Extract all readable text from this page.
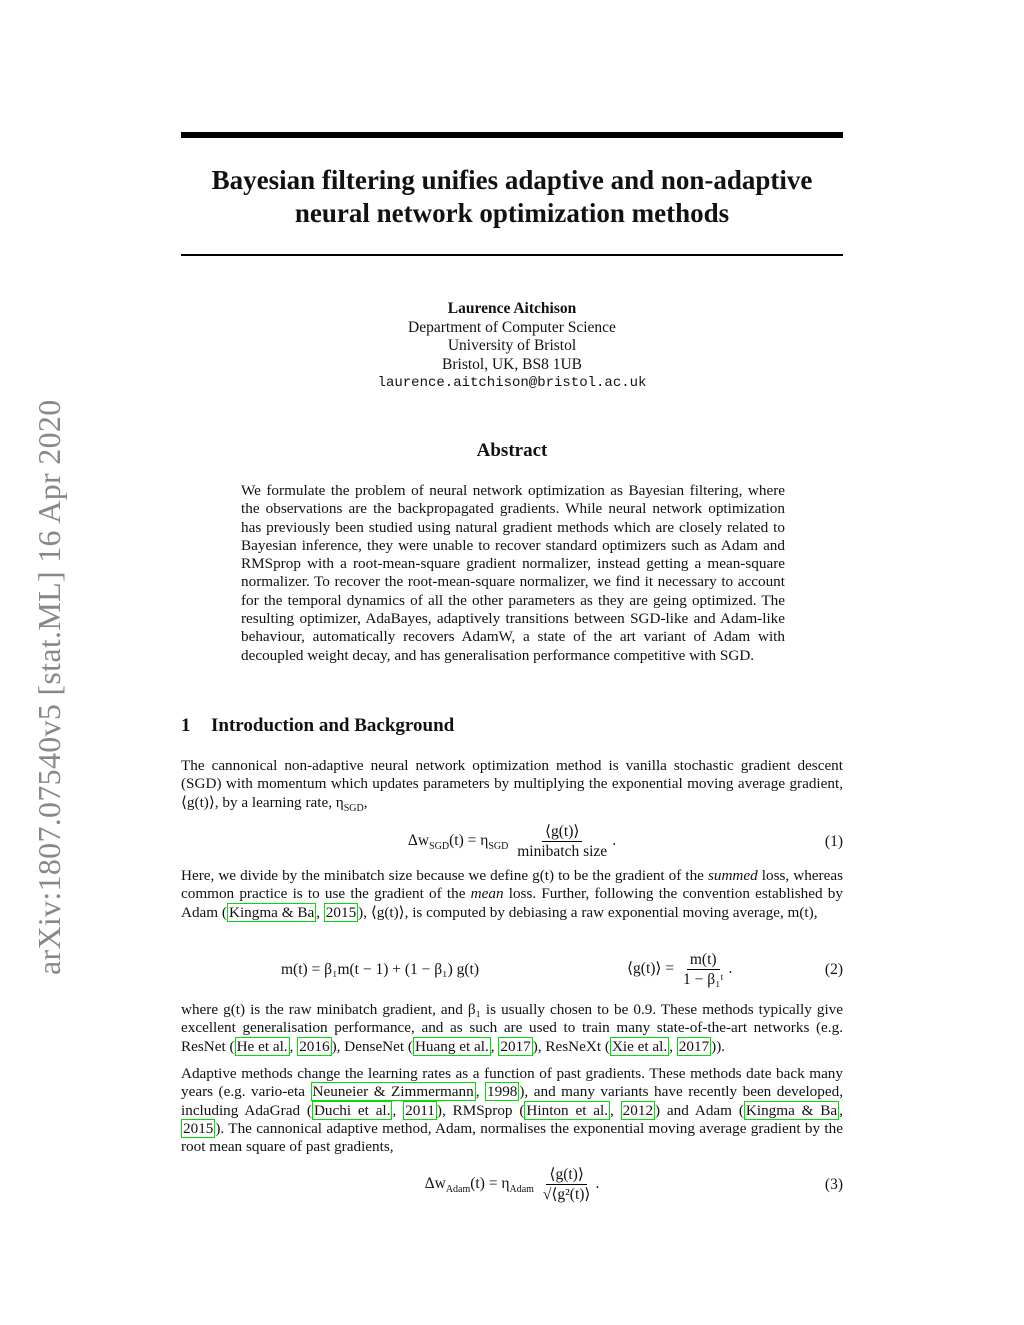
arXiv:1807.07540v5 [stat.ML] 16 Apr 2020
Bayesian filtering unifies adaptive and non-adaptive
neural network optimization methods
Laurence Aitchison
Department of Computer Science
University of Bristol
Bristol, UK, BS8 1UB
laurence.aitchison@bristol.ac.uk
Abstract
We formulate the problem of neural network optimization as Bayesian filtering, where the observations are the backpropagated gradients. While neural network optimization has previously been studied using natural gradient methods which are closely related to Bayesian inference, they were unable to recover standard optimizers such as Adam and RMSprop with a root-mean-square gradient normalizer, instead getting a mean-square normalizer. To recover the root-mean-square normalizer, we find it necessary to account for the temporal dynamics of all the other parameters as they are geing optimized. The resulting optimizer, AdaBayes, adaptively transitions between SGD-like and Adam-like behaviour, automatically recovers AdamW, a state of the art variant of Adam with decoupled weight decay, and has generalisation performance competitive with SGD.
1 Introduction and Background
The cannonical non-adaptive neural network optimization method is vanilla stochastic gradient descent (SGD) with momentum which updates parameters by multiplying the exponential moving average gradient, ⟨g(t)⟩, by a learning rate, $\eta_{SGD}$,
$\Delta w_{SGD}(t) = \eta_{SGD} \frac{⟨g(t)⟩}{\text{minibatch size}}$ .	(1)
Here, we divide by the minibatch size because we define g(t) to be the gradient of the summed loss, whereas common practice is to use the gradient of the mean loss. Further, following the convention established by Adam ( Kingma & Ba , 2015 ), ⟨g(t)⟩, is computed by debiasing a raw exponential moving average, m(t),
m(t) = β₁m(t − 1) + (1 − β₁) g(t)	⟨g(t)⟩ = $\frac{m(t)}{\text{1 − β₁ᵗ}}$ .	(2)
where g(t) is the raw minibatch gradient, and β₁ is usually chosen to be 0.9. These methods typically give excellent generalisation performance, and as such are used to train many state-of-the-art networks (e.g. ResNet ( He et al. , 2016 ), DenseNet ( Huang et al. , 2017 ), ResNeXt ( Xie et al. , 2017 )).
Adaptive methods change the learning rates as a function of past gradients. These methods date back many years (e.g. vario-eta Neuneier & Zimmermann , 1998 ), and many variants have recently been developed, including AdaGrad ( Duchi et al. , 2011 ), RMSprop ( Hinton et al. , 2012 ) and Adam ( Kingma & Ba , 2015 ). The cannonical adaptive method, Adam, normalises the exponential moving average gradient by the root mean square of past gradients,
$\Delta w_{Adam}(t) = \eta_{Adam} \frac{⟨g(t)⟩}{\text{√⟨g²(t)⟩}}$ .	(3)
